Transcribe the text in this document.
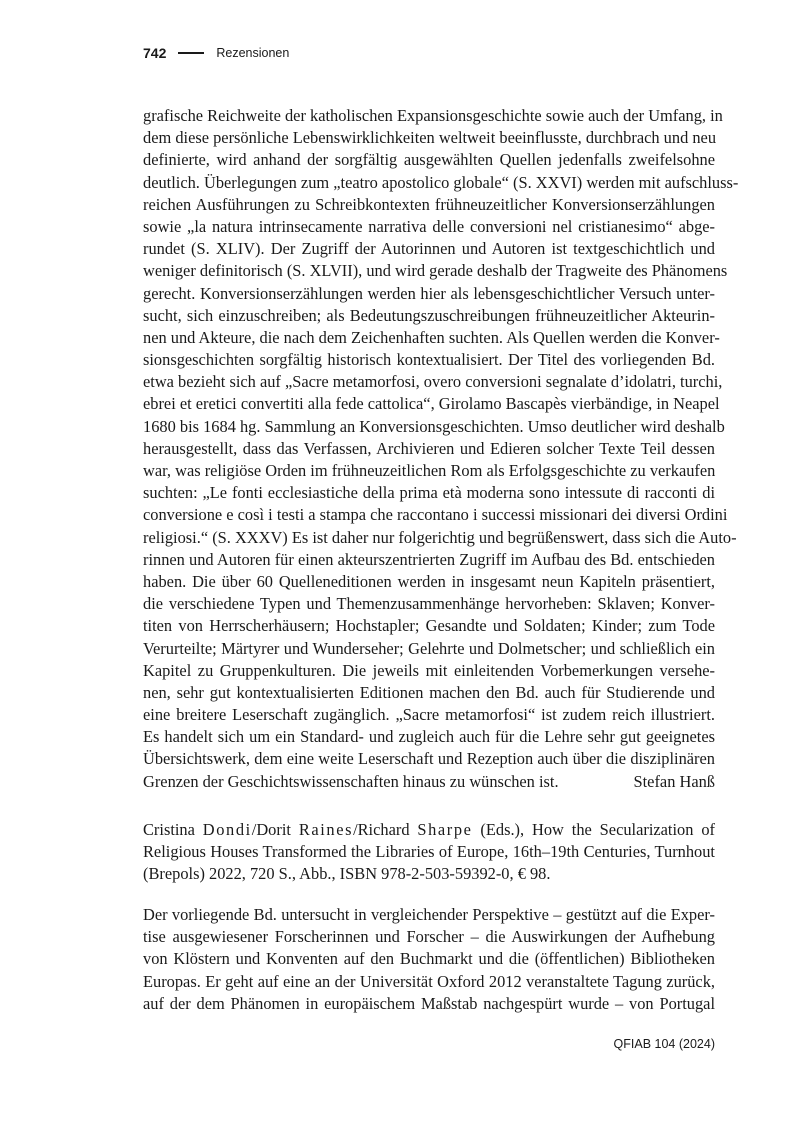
742	Rezensionen
grafische Reichweite der katholischen Expansionsgeschichte sowie auch der Umfang, in
dem diese persönliche Lebenswirklichkeiten weltweit beeinflusste, durchbrach und neu
definierte, wird anhand der sorgfältig ausgewählten Quellen jedenfalls zweifelsohne
deutlich. Überlegungen zum „teatro apostolico globale“ (S. XXVI) werden mit aufschluss-
reichen Ausführungen zu Schreibkontexten frühneuzeitlicher Konversionserzählungen
sowie „la natura intrinsecamente narrativa delle conversioni nel cristianesimo“ abge-
rundet (S. XLIV). Der Zugriff der Autorinnen und Autoren ist textgeschichtlich und
weniger definitorisch (S. XLVII), und wird gerade deshalb der Tragweite des Phänomens
gerecht. Konversionserzählungen werden hier als lebensgeschichtlicher Versuch unter-
sucht, sich einzuschreiben; als Bedeutungszuschreibungen frühneuzeitlicher Akteurin-
nen und Akteure, die nach dem Zeichenhaften suchten. Als Quellen werden die Konver-
sionsgeschichten sorgfältig historisch kontextualisiert. Der Titel des vorliegenden Bd.
etwa bezieht sich auf „Sacre metamorfosi, overo conversioni segnalate d’idolatri, turchi,
ebrei et eretici convertiti alla fede cattolica“, Girolamo Bascapès vierbändige, in Neapel
1680 bis 1684 hg. Sammlung an Konversionsgeschichten. Umso deutlicher wird deshalb
herausgestellt, dass das Verfassen, Archivieren und Edieren solcher Texte Teil dessen
war, was religiöse Orden im frühneuzeitlichen Rom als Erfolgsgeschichte zu verkaufen
suchten: „Le fonti ecclesiastiche della prima età moderna sono intessute di racconti di
conversione e così i testi a stampa che raccontano i successi missionari dei diversi Ordini
religiosi.“ (S. XXXV) Es ist daher nur folgerichtig und begrüßenswert, dass sich die Auto-
rinnen und Autoren für einen akteurszentrierten Zugriff im Aufbau des Bd. entschieden
haben. Die über 60 Quelleneditionen werden in insgesamt neun Kapiteln präsentiert,
die verschiedene Typen und Themenzusammenhänge hervorheben: Sklaven; Konver-
titen von Herrscherhäusern; Hochstapler; Gesandte und Soldaten; Kinder; zum Tode
Verurteilte; Märtyrer und Wunderseher; Gelehrte und Dolmetscher; und schließlich ein
Kapitel zu Gruppenkulturen. Die jeweils mit einleitenden Vorbemerkungen versehe-
nen, sehr gut kontextualisierten Editionen machen den Bd. auch für Studierende und
eine breitere Leserschaft zugänglich. „Sacre metamorfosi“ ist zudem reich illustriert.
Es handelt sich um ein Standard- und zugleich auch für die Lehre sehr gut geeignetes
Übersichtswerk, dem eine weite Leserschaft und Rezeption auch über die disziplinären
Grenzen der Geschichtswissenschaften hinaus zu wünschen ist.	Stefan Hanß
Cristina Dondi/Dorit Raines/Richard Sharpe (Eds.), How the Secularization of
Religious Houses Transformed the Libraries of Europe, 16th–19th Centuries, Turnhout
(Brepols) 2022, 720 S., Abb., ISBN 978-2-503-59392-0, € 98.
Der vorliegende Bd. untersucht in vergleichender Perspektive – gestützt auf die Exper-
tise ausgewiesener Forscherinnen und Forscher – die Auswirkungen der Aufhebung
von Klöstern und Konventen auf den Buchmarkt und die (öffentlichen) Bibliotheken
Europas. Er geht auf eine an der Universität Oxford 2012 veranstaltete Tagung zurück,
auf der dem Phänomen in europäischem Maßstab nachgespürt wurde – von Portugal
QFIAB 104 (2024)
